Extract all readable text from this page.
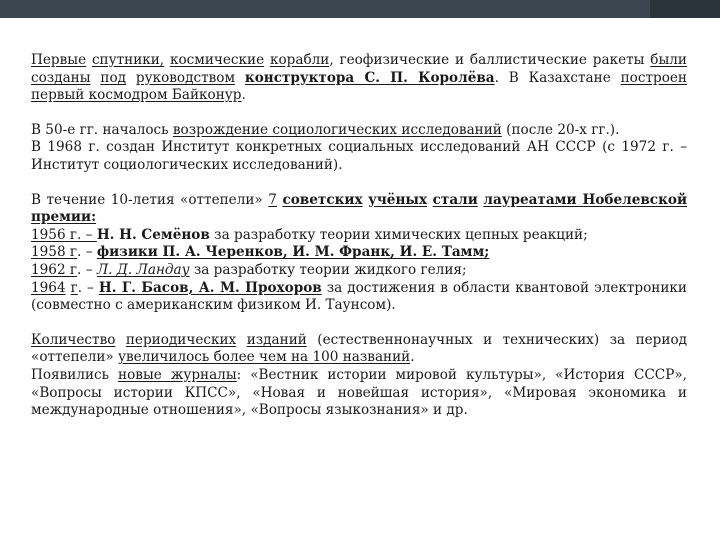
Первые спутники, космические корабли, геофизические и баллистические ракеты были созданы под руководством конструктора С. П. Королёва. В Казахстане построен первый космодром Байконур.

В 50-е гг. началось возрождение социологических исследований (после 20-х гг.).

В 1968 г. создан Институт конкретных социальных исследований АН СССР (с 1972 г. – Институт социологических исследований).

В течение 10-летия «оттепели» 7 советских учёных стали лауреатами Нобелевской премии:

1956 г. – Н. Н. Семёнов за разработку теории химических цепных реакций;

1958 г. – физики П. А. Черенков, И. М. Франк, И. Е. Тамм;

1962 г. – Л. Д. Ландау за разработку теории жидкого гелия;

1964 г. – Н. Г. Басов, А. М. Прохоров за достижения в области квантовой электроники (совместно с американским физиком И. Таунсом).

Количество периодических изданий (естественнонаучных и технических) за период «оттепели» увеличилось более чем на 100 названий.

Появились новые журналы: «Вестник истории мировой культуры», «История СССР», «Вопросы истории КПСС», «Новая и новейшая история», «Мировая экономика и международные отношения», «Вопросы языкознания» и др.
